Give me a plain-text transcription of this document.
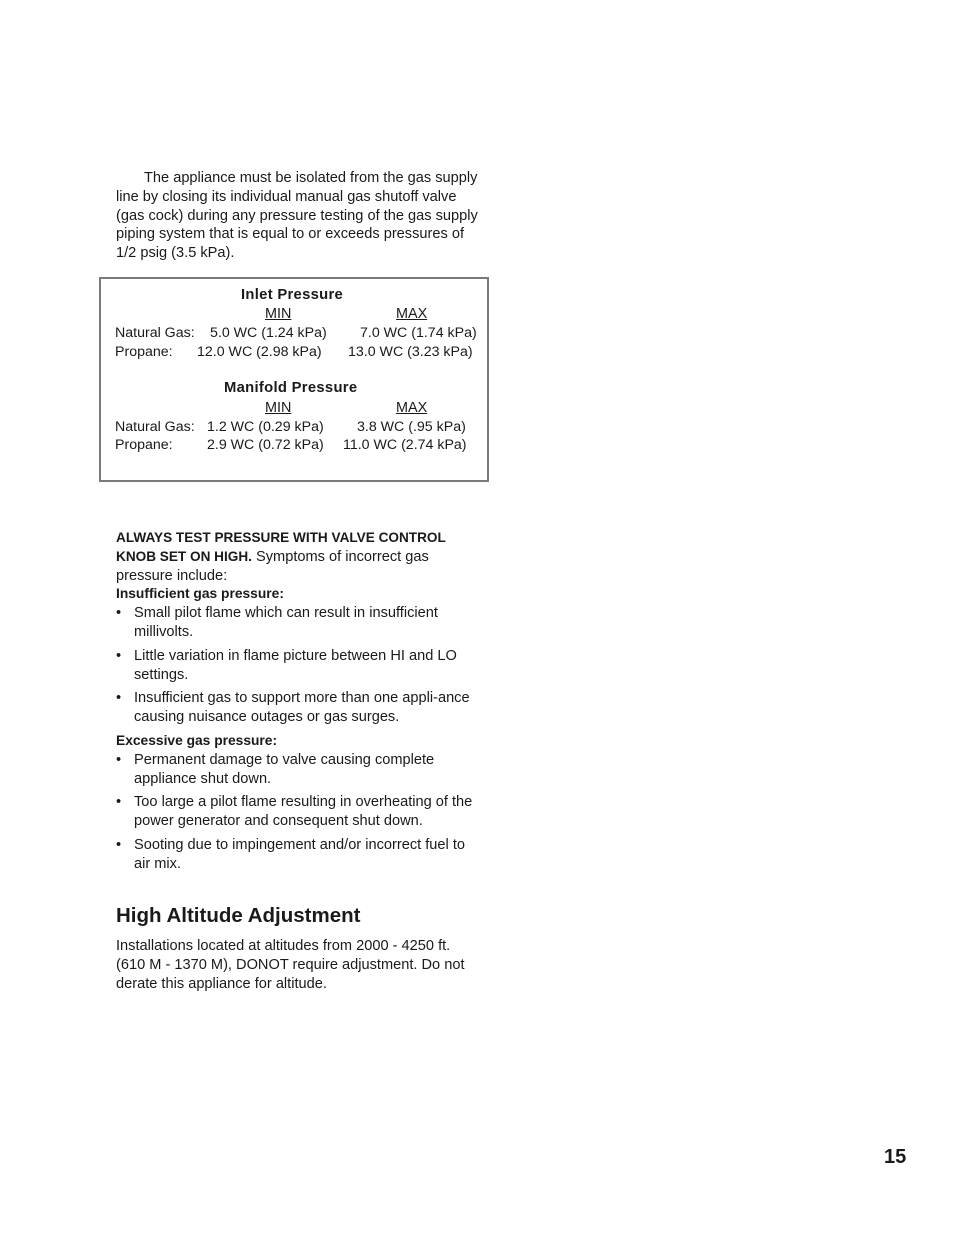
The appliance must be isolated from the gas supply line by closing its individual manual gas shutoff valve (gas cock) during any pressure testing of the gas supply piping system that is equal to or exceeds pressures of 1/2 psig (3.5 kPa).

Inlet Pressure
MIN	MAX
Natural Gas: 5.0 WC (1.24 kPa) 7.0 WC (1.74 kPa)
Propane: 12.0 WC (2.98 kPa) 13.0 WC (3.23 kPa)
Manifold Pressure
MIN	MAX
Natural Gas: 1.2 WC (0.29 kPa) 3.8 WC (.95 kPa)
Propane: 2.9 WC (0.72 kPa) 11.0 WC (2.74 kPa)

ALWAYS TEST PRESSURE WITH VALVE CONTROL KNOB SET ON HIGH. Symptoms of incorrect gas pressure include:

Insufficient gas pressure:

• Small pilot flame which can result in insufficient millivolts.
• Little variation in flame picture between HI and LO settings.
• Insufficient gas to support more than one appli-ance causing nuisance outages or gas surges.

Excessive gas pressure:

• Permanent damage to valve causing complete appliance shut down.
• Too large a pilot flame resulting in overheating of the power generator and consequent shut down.
• Sooting due to impingement and/or incorrect fuel to air mix.
High Altitude Adjustment

Installations located at altitudes from 2000 - 4250 ft. (610 M - 1370 M), DONOT require adjustment. Do not derate this appliance for altitude.

15
